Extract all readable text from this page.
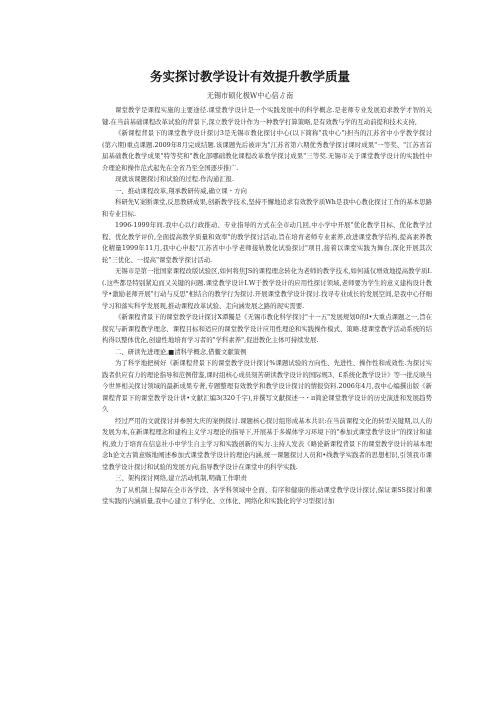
务实探讨教学设计有效提升教学质量
无锡市硕化极W中心倍ゟ南

课堂教学是课程实施的主要途径.课堂教学设计是一个实践发展中的科学概念.是老师专业发展追求教学才智的关键.在当前基础课程改革试验的背景下,深立教学设计作为一种教学打算策略,是有效教与学的互动前提和技术支持,

《新课程背景下的课堂教学设计探讨3是无锡市教化探讨中心(以下简称"我中心")担当的江苏省中小学教学探讨(第六期)重点课题.2009年8月完成结题.该课题先后被评为"江苏省第六期优秀教学探讨课时成果"一等奖、"江苏省首届基础教化教学成果"特等奖和"教化部哪础教化课程改革教学探讨成果"三等奖.无锡市关于课堂教学设计的实践性中介理论和操作范式起先在全省乃至全国逐步推广.

现就该课题探讨和试验的过程.作沟通汇报.

一、推动课程改革,翔承教研传威,确立课・方向

科研先V,案断课堂,反思教研成果,创新教学技术,坚持不懈地追求有效教学质Wh是我中心教化探讨工作的基本思路和专业目标.

1996-1999年间.我中心以行政推动、专业指导的方式在全市动几回,中小学中开展"优化教学目标、优化教学过程、优化教学评价,全面提高教学质量和效率"的教学探讨活动,旨在培育老师专业素养,改进课堂教学结构,提高素养教化精量1999年11月,我中心申报"江苏省中小学老师接轨教化试验探讨"项目,接着以课堂实践为舞台,深化开展其次轮"三优化、一提高"课堂教学探讨活动.

无锡市是第一批国家课程改版试验区,如何将焦JS的课程理念转化为老师的教学技术,如何减仅增效地提高教学质Ⅰ.(.这些都是特别紧迫而又关键的问题.课堂教学设计I.W于教学设计的应用性探讨领域,老师要为学生的意义建构设计教学•激励老师开展"行动与反思"相结合的教学行为探讨.开展课堂教学设计探讨.找寻专业成长的发展空间,是我中心仔细学习和落实科学发展观,推动课程改革试验、走向涵发展之路的现实需要.

《新课程背景下的课堂教学设计探讨X谭獨是《无锡市教化科学探讨"十一五"发展规划0的I•大重点课题之一,旨在探究与新课程教学理念、课程目标和适应的课堂教学设计应用性理论和实践操作模式、策略.使课堂教学活动系统的结构得以整体优化,创建性地培育学习者的"学科素养",促进教化主体可持续发展.

二、研读先进理论,■清科学概念,借鳖文献策例

为了科学地把树好《新课程背景下的课堂教学设计探讨%课题试验的方向性、先进性、操作性和成效性.为探讨实践者供应有力的理论指导和范例借鉴,课时组核心成员刻苦研读教学设计的国际规3、£系统化教学设计》等一批反映当今世界相关探讨领域的最新成果专著,专题整理有效教学和教学设计探讨的情报资料.2006年4月,我中心编撰出版《新课程背景下的课堂教学设计讲•文献汇编3(320千字),并撰写文献探述一・π简论课堂教学设计的历史演进和发展趋势久

经过严用的文就探讨并参照大庆的案例探讨.课题核心探讨组形成基本共识:在当前课程文化的转型关键期,以人的发展为本,在新课程理念和建构主义学习理论的指导下,开展基于多媒体学习环境下的"参加式课堂教学设计"的探讨和建构,致力于培育在信息社小中学生自主学习和实践创新的实力.主持人发表《略论新课程背景下的课堂教学设计的基本理念h论文古简意赅地阐述参加式课堂教学设计的理论内涵,统一课题探讨人员和•线教学实践者的思想相识,引领我市课堂教学设计探讨和试验的发展方向,指导教学设计在课堂中的科学实践.

三、架构探讨网络,建立活动机制,明确工作职责

为了从机制上保障在全市各学段、各学科领域中全面、有序和健康的推动课堂教学设计探讨,保证课SS探讨和课堂实践的内涵质量,我中心建立了科学化、立体化、网络化和实践化的学习型探讨加
